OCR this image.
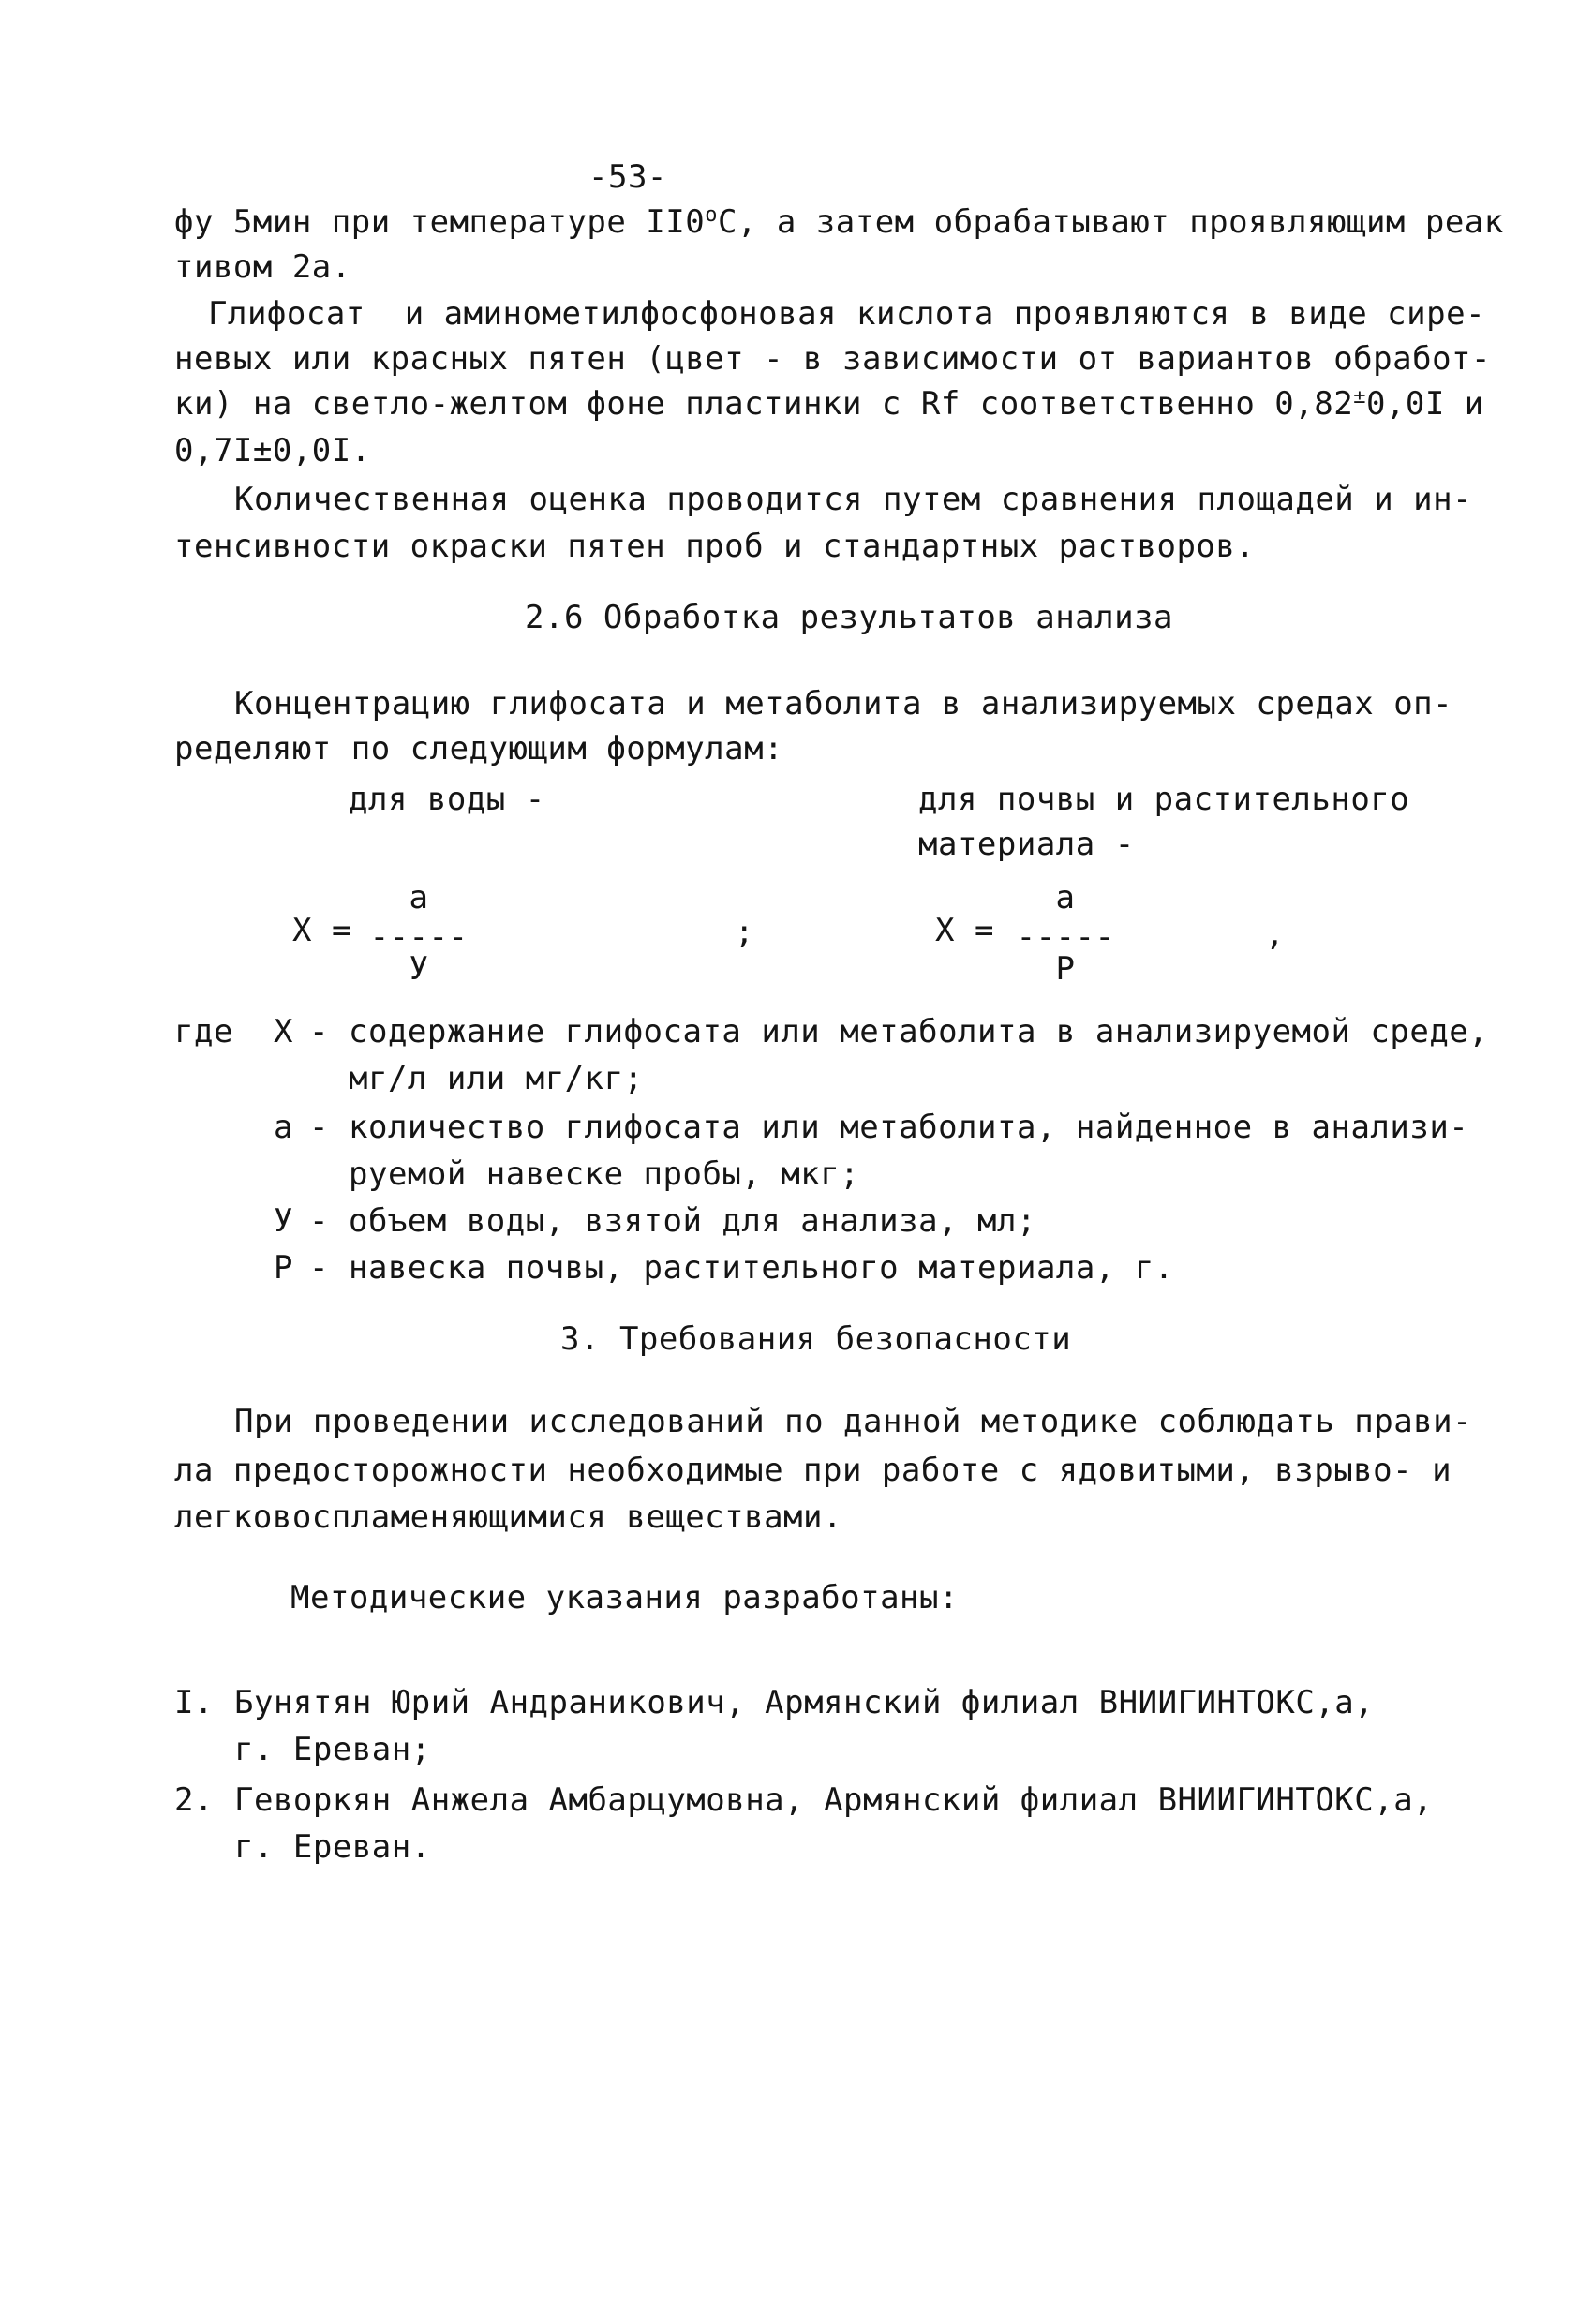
-53-
фу 5мин при температуре II0$^o$C, а затем обрабатывают проявляющим реак
тивом 2а.
Глифосат  и аминометилфосфоновая кислота проявляются в виде сире-
невых или красных пятен (цвет - в зависимости от вариантов обработ-
ки) на светло-желтом фоне пластинки с Rf соответственно 0,82±0,0I и
0,7I±0,0I.
Количественная оценка проводится путем сравнения площадей и ин-
тенсивности окраски пятен проб и стандартных растворов.
2.6 Обработка результатов анализа
Концентрацию глифосата и метаболита в анализируемых средах оп-
ределяют по следующим формулам:
для воды -	для почвы и растительного
материала -
X =
a
-----
У
;	X =
a
-----
P
,
где X - содержание глифосата или метаболита в анализируемой среде,
мг/л или мг/кг;
a - количество глифосата или метаболита, найденное в анализи-
руемой навеске пробы, мкг;
У - объем воды, взятой для анализа, мл;
P - навеска почвы, растительного материала, г.
3. Требования безопасности
При проведении исследований по данной методике соблюдать прави-
ла предосторожности необходимые при работе с ядовитыми, взрыво- и
легковоспламеняющимися веществами.
Методические указания разработаны:
I. Бунятян Юрий Андраникович, Армянский филиал ВНИИГИНТОКС,а,
г. Ереван;
2. Геворкян Анжела Амбарцумовна, Армянский филиал ВНИИГИНТОКС,а,
г. Ереван.
